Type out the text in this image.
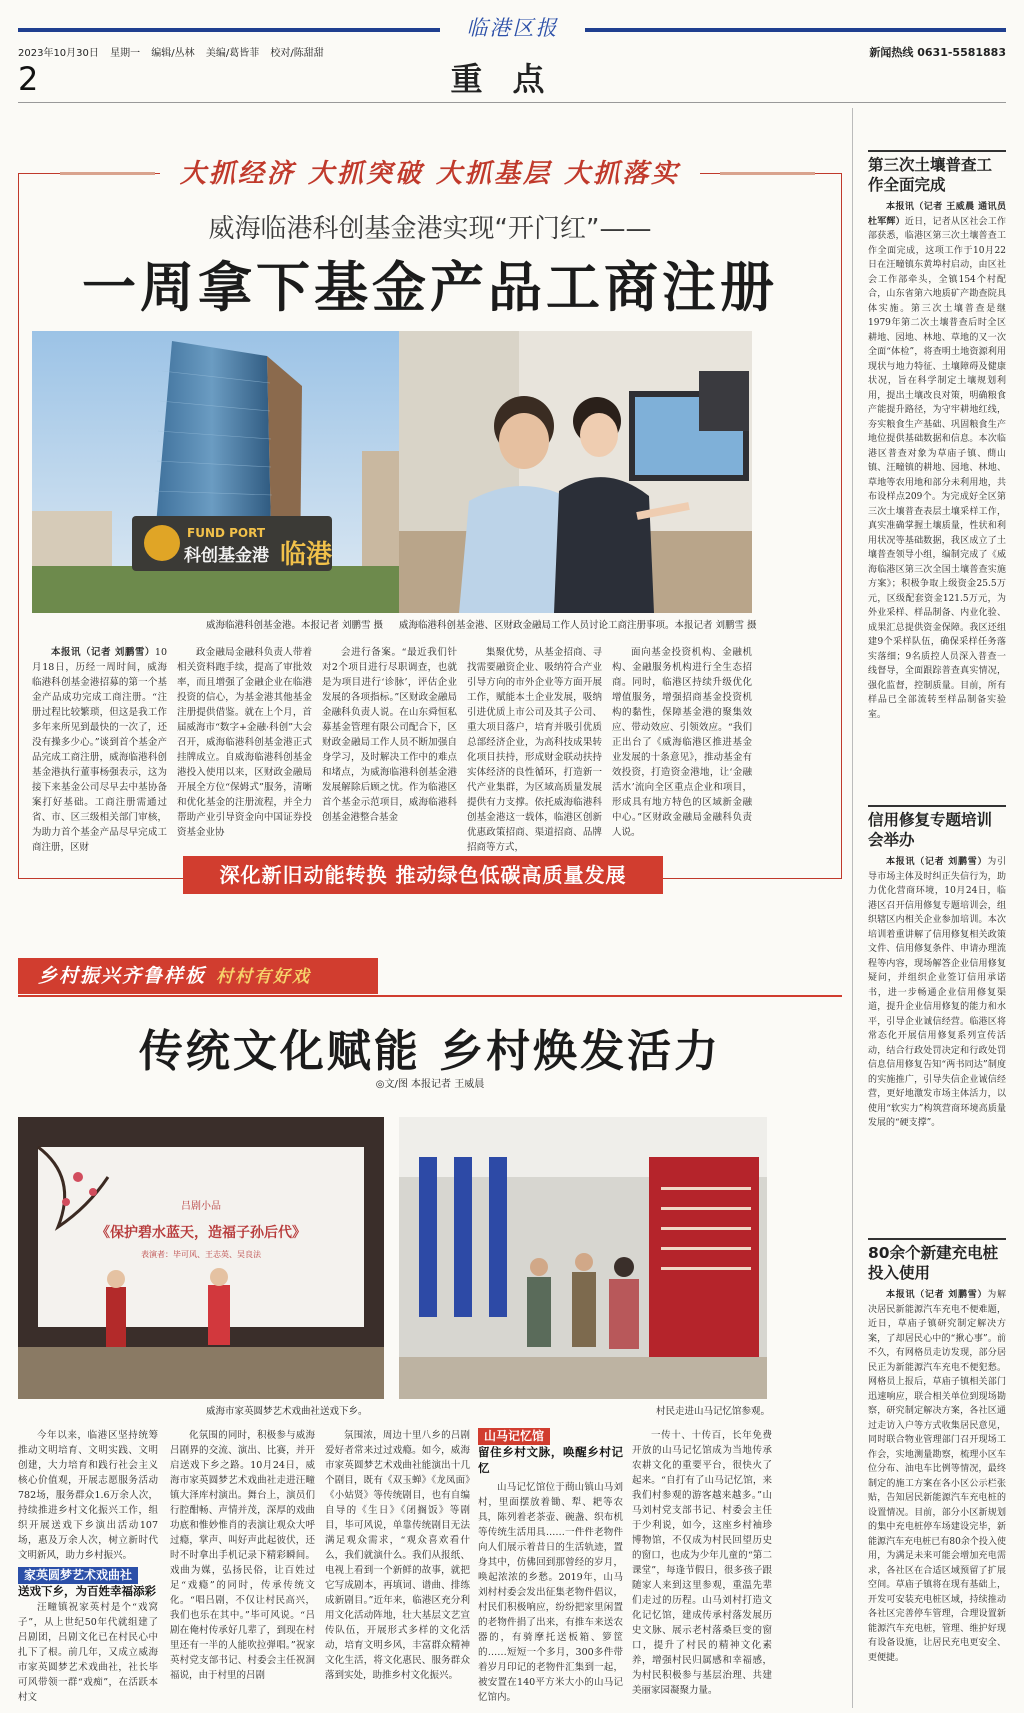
临港区报
2023年10月30日 星期一 编辑/丛林 美编/葛皆菲 校对/陈甜甜	新闻热线 0631-5581883
2	重点
大抓经济 大抓突破 大抓基层 大抓落实
威海临港科创基金港实现“开门红”——
一周拿下基金产品工商注册
FUND PORT
科创基金港 临港
威海临港科创基金港。本报记者 刘鹏雪 摄	威海临港科创基金港、区财政金融局工作人员讨论工商注册事项。本报记者 刘鹏雪 摄

本报讯（记者 刘鹏雪）10月18日，历经一周时间，威海临港科创基金港招募的第一个基金产品成功完成工商注册。“注册过程比较繁琐，但这是我工作多年来所见到最快的一次了，还没有操多少心。”谈到首个基金产品完成工商注册，威海临港科创基金港执行董事杨强表示，这为接下来基金公司尽早去中基协备案打好基础。工商注册需通过省、市、区三级相关部门审核，为助力首个基金产品尽早完成工商注册，区财

政金融局金融科负责人带着相关资料跑手续，提高了审批效率，而且增强了金融企业在临港投资的信心，为基金港其他基金注册提供借鉴。就在上个月，首届威海市“数字+金融·科创”大会召开，威海临港科创基金港正式挂牌成立。自威海临港科创基金港投入使用以来，区财政金融局开展全方位“保姆式”服务，清晰和优化基金的注册流程，并全力帮助产业引导资金向中国证券投资基金业协

会进行备案。“最近我们针对2个项目进行尽职调查，也就是为项目进行‘诊脉’，评估企业发展的各项指标。”区财政金融局金融科负责人说。在山东舜恒私募基金管理有限公司配合下，区财政金融局工作人员不断加强自身学习，及时解决工作中的难点和堵点，为威海临港科创基金港发展解除后顾之忧。作为临港区首个基金示范项目，威海临港科创基金港整合基金

集聚优势，从基金招商、寻找需要融资企业、吸纳符合产业引导方向的市外企业等方面开展工作，赋能本土企业发展，吸纳引进优质上市公司及其子公司、重大项目落户，培育并吸引优质总部经济企业，为高科技成果转化项目扶持，形成财金联动扶持实体经济的良性循环，打造新一代产业集群，为区域高质量发展提供有力支撑。依托威海临港科创基金港这一载体，临港区创新优惠政策招商、渠道招商、品牌招商等方式，

面向基金投资机构、金融机构、金融服务机构进行全生态招商。同时，临港区持续升级优化增值服务，增强招商基金投资机构的黏性，保障基金港的聚集效应、带动效应、引领效应。“我们正出台了《威海临港区推进基金业发展的十条意见》，推动基金有效投资，打造资金港地，让‘金融活水’流向全区重点企业和项目，形成具有地方特色的区域新金融中心。”区财政金融局金融科负责人说。

深化新旧动能转换 推动绿色低碳高质量发展
乡村振兴齐鲁样板 村村有好戏
传统文化赋能 乡村焕发活力
◎文/图 本报记者 王威晨
吕剧小品
《保护碧水蓝天，造福子孙后代》
表演者：毕可风、王志英、吴良法
威海市家英圆梦艺术戏曲社送戏下乡。	村民走进山马记忆馆参观。

今年以来，临港区坚持统筹推动文明培育、文明实践、文明创建，大力培育和践行社会主义核心价值观，开展志愿服务活动782场，服务群众1.6万余人次，持续推进乡村文化振兴工作，组织开展送戏下乡演出活动107场，惠及万余人次，树立新时代文明新风，助力乡村振兴。

家英圆梦艺术戏曲社
送戏下乡，为百姓幸福添彩

汪疃镇祝家英村是个“戏窝子”，从上世纪50年代就组建了吕剧团，吕剧文化已在村民心中扎下了根。前几年，又成立威海市家英圆梦艺术戏曲社，社长毕可风带领一群“戏痴”，在活跃本村文

化氛围的同时，积极参与威海吕剧界的交流、演出、比赛，并开启送戏下乡之路。10月24日，威海市家英圆梦艺术戏曲社走进汪疃镇大泽库村演出。舞台上，演员们行腔酣畅、声情并茂，深厚的戏曲功底和惟妙惟肖的表演让观众大呼过瘾，掌声、叫好声此起彼伏，还时不时拿出手机记录下精彩瞬间。戏曲为媒，弘扬民俗，让百姓过足“戏瘾”的同时，传承传统文化。“唱吕剧，不仅让村民高兴，我们也乐在其中。”毕可风说。“吕剧在俺村传承好几辈了，到现在村里还有一半的人能吹拉弹唱。”祝家英村党支部书记、村委会主任祝洞福说，由于村里的吕剧

氛围浓，周边十里八乡的吕剧爱好者常来过过戏瘾。如今，威海市家英圆梦艺术戏曲社能演出十几个剧目，既有《双玉蝉》《龙凤面》《小姑贤》等传统剧目，也有自编自导的《生日》《闭搁饭》等剧目，毕可风说，单靠传统剧目无法满足观众需求，“观众喜欢看什么，我们就演什么。我们从报纸、电视上看到一个新鲜的故事，就把它写成剧本，再填词、谱曲、排练成新剧目。”近年来，临港区充分利用文化活动阵地，壮大基层文艺宣传队伍，开展形式多样的文化活动，培育文明乡风，丰富群众精神文化生活，将文化惠民、服务群众落到实处，助推乡村文化振兴。

山马记忆馆
留住乡村文脉，唤醒乡村记忆

山马记忆馆位于蔄山镇山马刘村，里面摆放着锄、犁、耙等农具，陈列着老茶壶、碗盏、织布机等传统生活用具……一件件老物件向人们展示着昔日的生活轨迹，置身其中，仿佛回到那曾经的岁月，唤起浓浓的乡愁。2019年，山马刘村村委会发出征集老物件倡议，村民们积极响应，纷纷把家里闲置的老物件捐了出来，有推车来送农器的，有骑摩托送板箱、箩筐的……短短一个多月，300多件带着岁月印记的老物件汇集到一起，被安置在140平方米大小的山马记忆馆内。

一传十、十传百，长年免费开放的山马记忆馆成为当地传承农耕文化的重要平台，很快火了起来。“自打有了山马记忆馆，来我们村参观的游客越来越多。”山马刘村党支部书记、村委会主任于少利说，如今，这座乡村袖珍博物馆，不仅成为村民回望历史的窗口，也成为少年儿童的“第二课堂”，每逢节假日，很多孩子跟随家人来到这里参观，重温先辈们走过的历程。山马刘村打造文化记忆馆，建成传承村落发展历史文脉、展示老村落桑巨变的窗口，提升了村民的精神文化素养，增强村民归属感和幸福感，为村民积极参与基层治理、共建美丽家园凝聚力量。

第三次土壤普查工作全面完成

本报讯（记者 王威晨 通讯员 杜军辉）近日，记者从区社会工作部获悉，临港区第三次土壤普查工作全面完成，这项工作于10月22日在汪疃镇东黄埠村启动，由区社会工作部牵头，全镇154个村配合，山东省第六地质矿产勘查院具体实施。第三次土壤普查是继1979年第二次土壤普查后时全区耕地、园地、林地、草地的又一次全面“体检”，将查明土地资源利用现状与地力特征、土壤障碍及健康状况，旨在科学制定土壤规划利用，提出土壤改良对策，明确粮食产能提升路径，为守牢耕地红线，夯实粮食生产基础、巩固粮食生产地位提供基础数据和信息。本次临港区普查对象为草庙子镇、蔄山镇、汪疃镇的耕地、园地、林地、草地等农用地和部分未利用地，共布设样点209个。为完成好全区第三次土壤普查表层土壤采样工作，真实准确掌握土壤质量，性状和利用状况等基础数据，我区成立了土壤普查领导小组，编制完成了《威海临港区第三次全国土壤普查实施方案》；积极争取上级资金25.5万元，区级配套资金121.5万元，为外业采样、样品制备、内业化验、成果汇总提供资金保障。我区还组建9个采样队伍，确保采样任务落实落细；9名质控人员深入普查一线督导，全面跟踪普查真实情况，强化监督，控制质量。目前，所有样品已全部流转至样品制备实验室。

信用修复专题培训会举办

本报讯（记者 刘鹏雪）为引导市场主体及时纠正失信行为，助力优化营商环境，10月24日，临港区召开信用修复专题培训会，组织辖区内相关企业参加培训。本次培训着重讲解了信用修复相关政策文件、信用修复条件、申请办理流程等内容，现场解答企业信用修复疑问，并组织企业签订信用承诺书，进一步畅通企业信用修复渠道，提升企业信用修复的能力和水平，引导企业诚信经营。临港区将常态化开展信用修复系列宣传活动，结合行政处罚决定和行政处罚信息信用修复告知“两书同达”制度的实施推广，引导失信企业诚信经营，更好地激发市场主体活力，以使用“软实力”构筑营商环境高质量发展的“硬支撑”。

80余个新建充电桩投入使用

本报讯（记者 刘鹏雪）为解决居民新能源汽车充电不便难题，近日，草庙子镇研究制定解决方案，了却居民心中的“揪心事”。前不久，有网格员走访发现，部分居民正为新能源汽车充电不便犯愁。网格员上报后，草庙子镇相关部门迅速响应，联合相关单位到现场勘察，研究制定解决方案，各社区通过走访入户等方式收集居民意见，同时联合物业管理部门召开现场工作会，实地测量勘察，梳理小区车位分布、油电车比例等情况，最终制定的施工方案在各小区公示栏张贴，告知居民新能源汽车充电桩的设置情况。目前，部分小区新规划的集中充电桩停车场建设完毕，新能源汽车充电桩已有80余个投入使用，为满足未来可能会增加充电需求，各社区在合适区域预留了扩展空间。草庙子镇将在现有基础上，开发可安装充电桩区域，持续推动各社区完善停车管理，合理设置新能源汽车充电桩，管理、维护好现有设备设施，让居民充电更安全、更便捷。
